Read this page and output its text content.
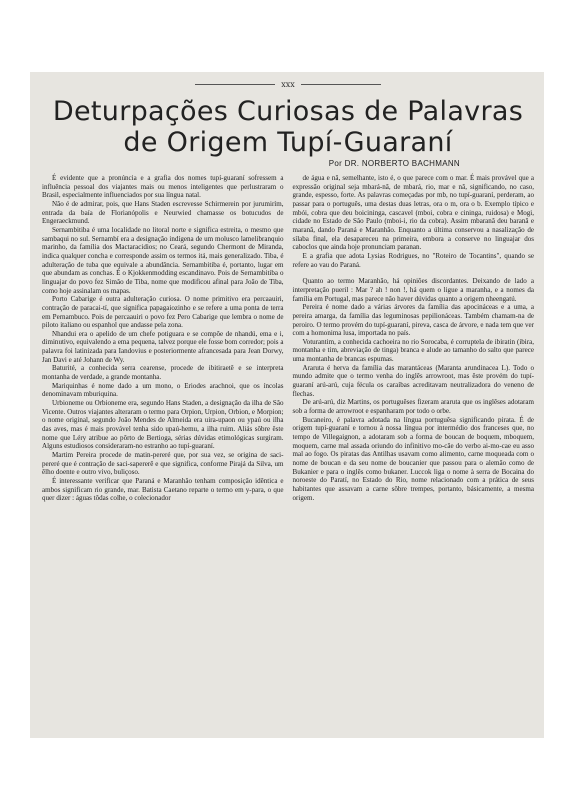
xxx
Deturpações Curiosas de Palavras
de Origem Tupí-Guaraní
Por DR. NORBERTO BACHMANN

É evidente que a pronúncia e a grafia dos nomes tupí-guaraní sofressem a influência pessoal dos viajantes mais ou menos inteligentes que perlustraram o Brasil, especialmente influenciados por sua língua natal.

Não é de admirar, pois, que Hans Staden escrevesse Schirmerein por jurumirím, entrada da baía de Florianópolis e Neurwied chamasse os botucudos de Engeraeckmund.

Sernambitiba é uma localidade no litoral norte e significa estreita, o mesmo que sambaqui no sul. Sernambí era a designação indígena de um molusco lamelibranquio marinho, da família dos Mactaracidios; no Ceará, segundo Chermont de Miranda, indica qualquer concha e corresponde assim os termos itá, mais generalizado. Tiba, é adulteração de tuba que equivale a abundância. Sernambitiba é, portanto, lugar em que abundam as conchas. É o Kjokkenmodding escandinavo. Pois de Sernambitiba o linguajar do povo fez Simão de Tiba, nome que modificou afinal para João de Tiba, como hoje assinalam os mapas.

Porto Cabarige é outra adulteração curiosa. O nome primitivo era percaauiri, contração de paracai-tí, que significa papagaiozinho e se refere a uma ponta de terra em Pernambuco. Pois de percaauiri o povo fez Pero Cabarige que lembra o nome de piloto italiano ou espanhol que andasse pela zona.

Nhandui era o apelido de um chefe potiguara e se compõe de nhandú, ema e i, diminutivo, equivalendo a ema pequena, talvez porque ele fosse bom corredor; pois a palavra foi latinizada para Iandovius e posteriormente afrancesada para Jean Dorwy, Jan Davi e até Johann de Wy.

Baturité, a conhecida serra cearense, procede de ibitiraetê e se interpreta montanha de verdade, a grande montanha.

Mariquinhas é nome dado a um mono, o Eriodes arachnoi, que os íncolas denominavam mburiquina.

Urbioneme ou Orbioneme era, segundo Hans Staden, a designação da ilha de São Vicente. Outros viajantes alteraram o termo para Orpion, Urpion, Orbion, e Morpion; o nome original, segundo João Mendes de Almeida era uira-upaon ou ypaú ou ilha das aves, mas é mais provável tenha sido upaú-hemu, a ilha ruim. Aliás sôbre êste nome que Léry atribue ao pôrto de Bertioga, sérias dúvidas etimológicas surgiram. Alguns estudiosos consideraram-no estranho ao tupí-guaraní.

Martim Pereira procede de matin-pereré que, por sua vez, se origina de saci-pereré que é contração de saci-sapererê e que significa, conforme Pirajá da Silva, um êlho doente e outro vivo, buliçoso.

É interessante verificar que Paraná e Maranhão tenham composição idêntica e ambos significam rio grande, mar. Batista Caetano reparte o termo em y-para, o que quer dizer : águas tôdas colhe, o colecionador

de água e nã, semelhante, isto é, o que parece com o mar. É mais provável que a expressão original seja mbará-nã, de mbará, rio, mar e nã, significando, no caso, grande, espesso, forte. As palavras começadas por mb, no tupí-guaraní, perderam, ao passar para o português, uma destas duas letras, ora o m, ora o b. Exemplo típico e mbói, cobra que deu boicininga, cascavel (mboi, cobra e cininga, ruidosa) e Mogi, cidade no Estado de São Paulo (mboi-i, rio da cobra). Assim mbaranã deu baranã e maranã, dando Paraná e Maranhão. Enquanto a última conservou a nasalização de sílaba final, ela desapareceu na primeira, embora a conserve no linguajar dos caboclos que ainda hoje pronunciam paranan.

E a grafia que adota Lysias Rodrigues, no "Roteiro de Tocantins", quando se refere ao vau do Paraná.

Quanto ao termo Maranhão, há opiniões discordantes. Deixando de lado a interpretação pueril : Mar ? ah ! non !, há quem o ligue a maranha, e a nomes da família em Portugal, mas parece não haver dúvidas quanto a origem nheengatú.

Pereira é nome dado a várias árvores da família das apocináceas e a uma, a pereira amarga, da família das leguminosas pepilionáceas. Também chamam-na de peroiro. O termo provém do tupí-guaraní, pireva, casca de árvore, e nada tem que ver com a homonima lusa, importada no país.

Voturantim, a conhecida cachoeira no rio Sorocaba, é corruptela de ibiratin (ibira, montanha e tim, abreviação de tinga) branca e alude ao tamanho do salto que parece uma montanha de brancas espumas.

Araruta é herva da família das marantáceas (Maranta arundinacea L). Todo o mundo admite que o termo venha do inglês arrowroot, mas êste provém do tupí-guaraní arú-arú, cuja fécula os caraíbas acreditavam neutralizadora do veneno de flechas.

De arú-arú, diz Martins, os portuguêses fizeram araruta que os inglêses adotaram sob a forma de arrowroot e espanharam por todo o orbe.

Bucaneiro, é palavra adotada na língua portuguêsa significando pirata. É de origem tupí-guaraní e tornou à nossa língua por intermédio dos franceses que, no tempo de Villegaignon, a adotaram sob a forma de boucan de boquem, mboquem, moquem, carne mal assada oriundo do infinitivo mo-cãe do verbo ai-mo-cae eu asso mal ao fogo. Os piratas das Antilhas usavam como alimento, carne moqueada com o nome de boucan e da seu nome de boucanier que passou para o alemão como de Bukanier e para o inglês como bukaner. Luccok liga o nome à serra de Bocaina do noroeste do Paratí, no Estado do Rio, nome relacionado com a prática de seus habitantes que assavam a carne sôbre trempes, portanto, básicamente, a mesma origem.
